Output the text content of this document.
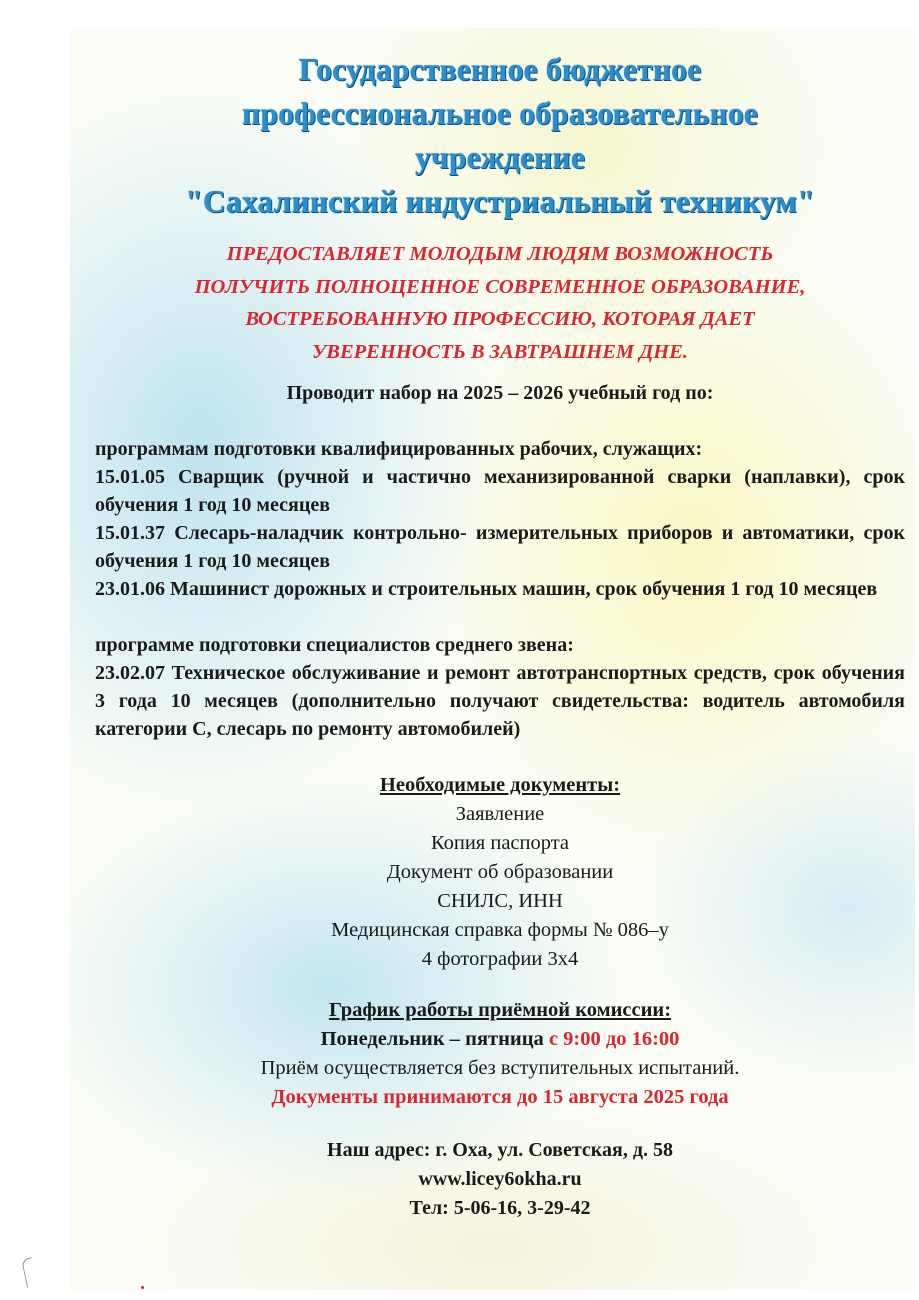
Государственное бюджетное
профессиональное образовательное
учреждение
"Сахалинский индустриальный техникум"
ПРЕДОСТАВЛЯЕТ МОЛОДЫМ ЛЮДЯМ ВОЗМОЖНОСТЬ
ПОЛУЧИТЬ ПОЛНОЦЕННОЕ СОВРЕМЕННОЕ ОБРАЗОВАНИЕ,
ВОСТРЕБОВАННУЮ ПРОФЕССИЮ, КОТОРАЯ ДАЕТ
УВЕРЕННОСТЬ В ЗАВТРАШНЕМ ДНЕ.
Проводит набор на 2025 – 2026 учебный год по:
программам подготовки квалифицированных рабочих, служащих:
15.01.05 Сварщик (ручной и частично механизированной сварки (наплавки), срок обучения 1 год 10 месяцев
15.01.37 Слесарь-наладчик контрольно- измерительных приборов и автоматики, срок обучения 1 год 10 месяцев
23.01.06 Машинист дорожных и строительных машин, срок обучения 1 год 10 месяцев
программе подготовки специалистов среднего звена:
23.02.07 Техническое обслуживание и ремонт автотранспортных средств, срок обучения 3 года 10 месяцев (дополнительно получают свидетельства: водитель автомобиля категории С, слесарь по ремонту автомобилей)
Необходимые документы:
Заявление
Копия паспорта
Документ об образовании
СНИЛС, ИНН
Медицинская справка формы № 086–у
4 фотографии 3х4
График работы приёмной комиссии:
Понедельник – пятница с 9:00 до 16:00
Приём осуществляется без вступительных испытаний.
Документы принимаются до 15 августа 2025 года
Наш адрес: г. Оха, ул. Советская, д. 58
www.licey6okha.ru
Тел: 5-06-16, 3-29-42
